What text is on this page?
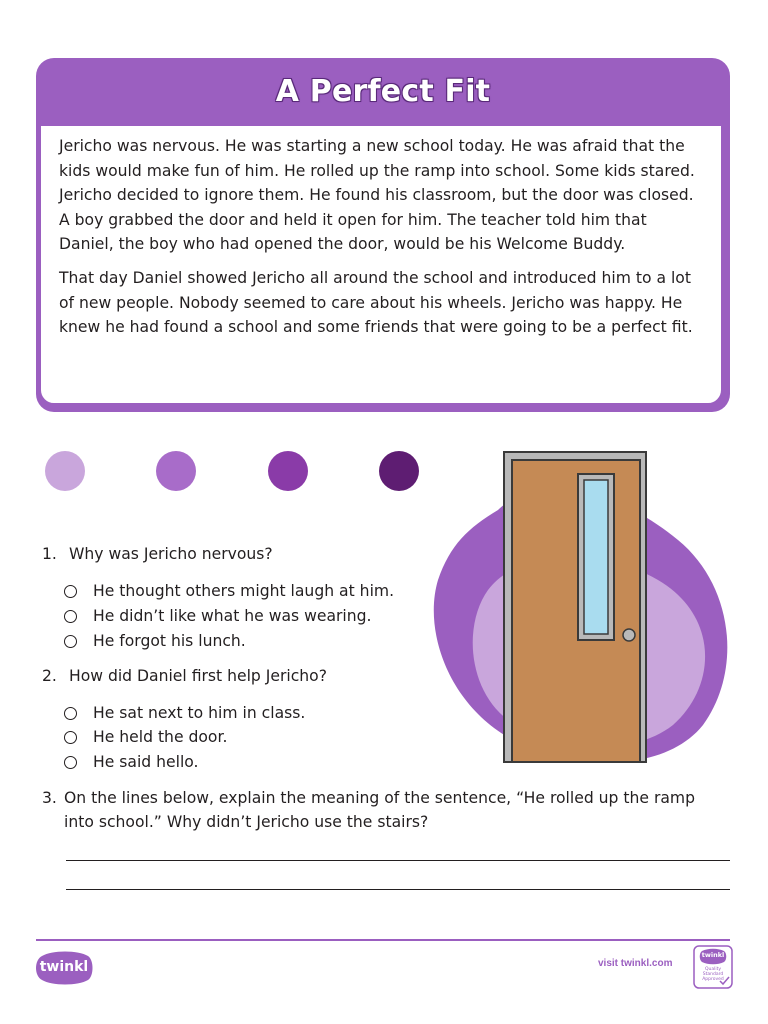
A Perfect Fit

Jericho was nervous. He was starting a new school today. He was afraid that the kids would make fun of him. He rolled up the ramp into school. Some kids stared. Jericho decided to ignore them. He found his classroom, but the door was closed. A boy grabbed the door and held it open for him. The teacher told him that Daniel, the boy who had opened the door, would be his Welcome Buddy.

That day Daniel showed Jericho all around the school and introduced him to a lot of new people. Nobody seemed to care about his wheels. Jericho was happy. He knew he had found a school and some friends that were going to be a perfect fit.

1. Why was Jericho nervous?
He thought others might laugh at him.
He didn’t like what he was wearing.
He forgot his lunch.
2. How did Daniel first help Jericho?
He sat next to him in class.
He held the door.
He said hello.
3. On the lines below, explain the meaning of the sentence, “He rolled up the ramp into school.” Why didn’t Jericho use the stairs?
twinkl	visit twinkl.com
twinkl
Quality Standard Approved
